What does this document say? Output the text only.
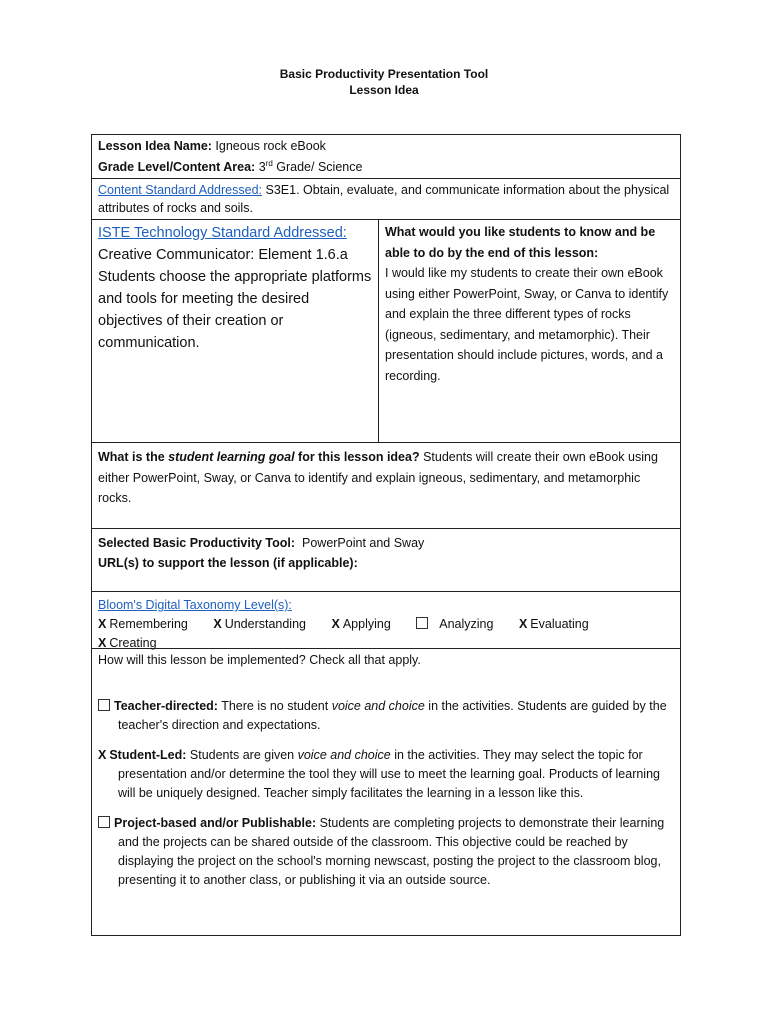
Basic Productivity Presentation Tool
Lesson Idea
Lesson Idea Name: Igneous rock eBook
Grade Level/Content Area: 3rd Grade/ Science
Content Standard Addressed: S3E1. Obtain, evaluate, and communicate information about the physical attributes of rocks and soils.
ISTE Technology Standard Addressed:
Creative Communicator: Element 1.6.a Students choose the appropriate platforms and tools for meeting the desired objectives of their creation or communication.
What would you like students to know and be able to do by the end of this lesson:
I would like my students to create their own eBook using either PowerPoint, Sway, or Canva to identify and explain the three different types of rocks (igneous, sedimentary, and metamorphic). Their presentation should include pictures, words, and a recording.
What is the student learning goal for this lesson idea? Students will create their own eBook using either PowerPoint, Sway, or Canva to identify and explain igneous, sedimentary, and metamorphic rocks.
Selected Basic Productivity Tool: PowerPoint and Sway
URL(s) to support the lesson (if applicable):
Bloom's Digital Taxonomy Level(s):
X Remembering X Understanding X Applying	Analyzing X Evaluating X Creating
How will this lesson be implemented? Check all that apply.
Teacher-directed: There is no student voice and choice in the activities. Students are guided by the teacher's direction and expectations.
X Student-Led: Students are given voice and choice in the activities. They may select the topic for presentation and/or determine the tool they will use to meet the learning goal. Products of learning will be uniquely designed. Teacher simply facilitates the learning in a lesson like this.
Project-based and/or Publishable: Students are completing projects to demonstrate their learning and the projects can be shared outside of the classroom. This objective could be reached by displaying the project on the school's morning newscast, posting the project to the classroom blog, presenting it to another class, or publishing it via an outside source.
